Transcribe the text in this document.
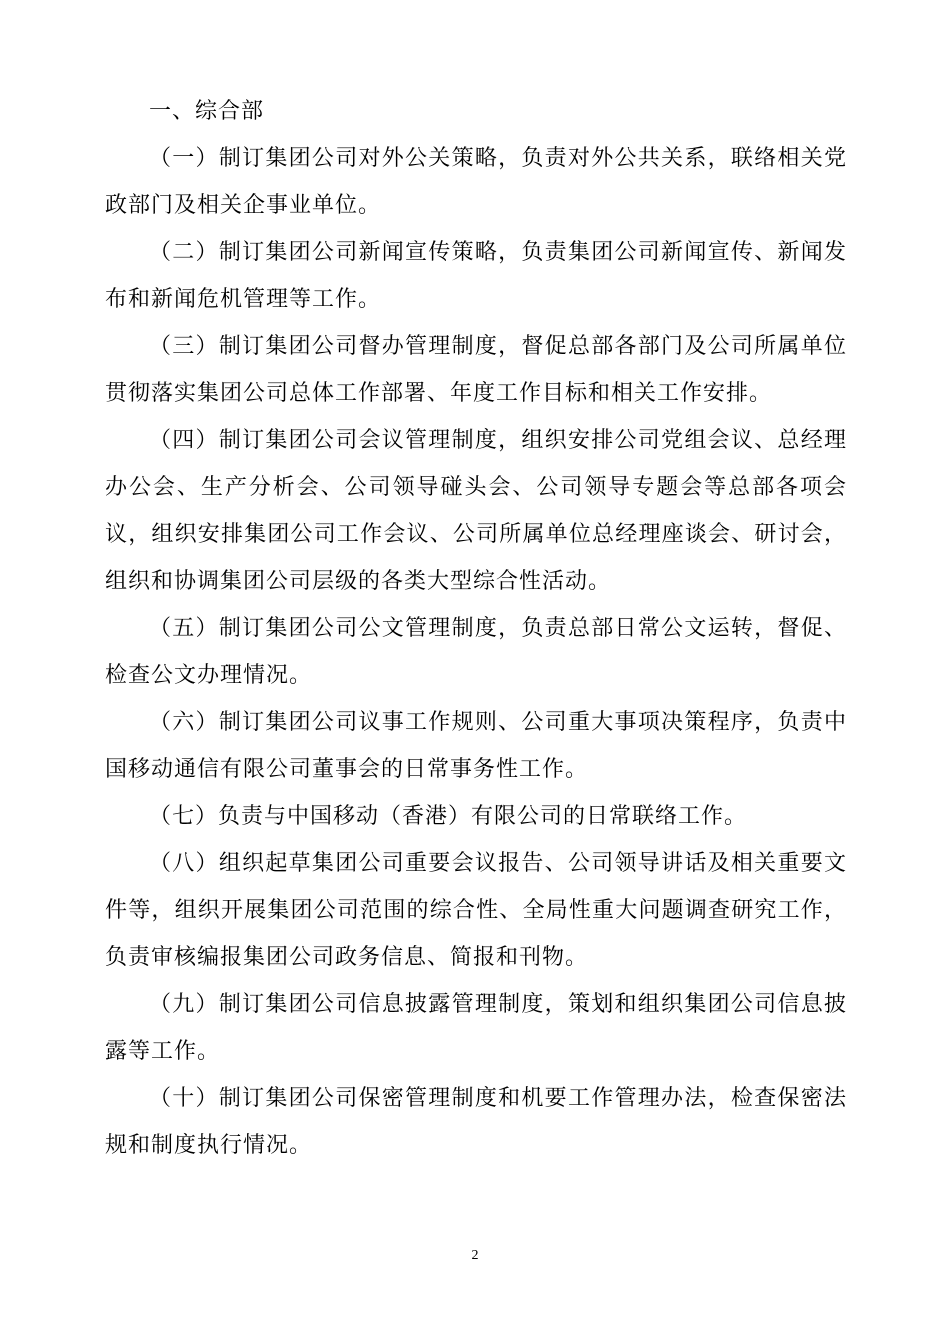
一、综合部

（一）制订集团公司对外公关策略，负责对外公共关系，联络相关党政部门及相关企事业单位。

（二）制订集团公司新闻宣传策略，负责集团公司新闻宣传、新闻发布和新闻危机管理等工作。

（三）制订集团公司督办管理制度，督促总部各部门及公司所属单位贯彻落实集团公司总体工作部署、年度工作目标和相关工作安排。

（四）制订集团公司会议管理制度，组织安排公司党组会议、总经理办公会、生产分析会、公司领导碰头会、公司领导专题会等总部各项会议，组织安排集团公司工作会议、公司所属单位总经理座谈会、研讨会，组织和协调集团公司层级的各类大型综合性活动。

（五）制订集团公司公文管理制度，负责总部日常公文运转，督促、检查公文办理情况。

（六）制订集团公司议事工作规则、公司重大事项决策程序，负责中国移动通信有限公司董事会的日常事务性工作。

（七）负责与中国移动（香港）有限公司的日常联络工作。

（八）组织起草集团公司重要会议报告、公司领导讲话及相关重要文件等，组织开展集团公司范围的综合性、全局性重大问题调查研究工作，负责审核编报集团公司政务信息、简报和刊物。

（九）制订集团公司信息披露管理制度，策划和组织集团公司信息披露等工作。

（十）制订集团公司保密管理制度和机要工作管理办法，检查保密法规和制度执行情况。

2
